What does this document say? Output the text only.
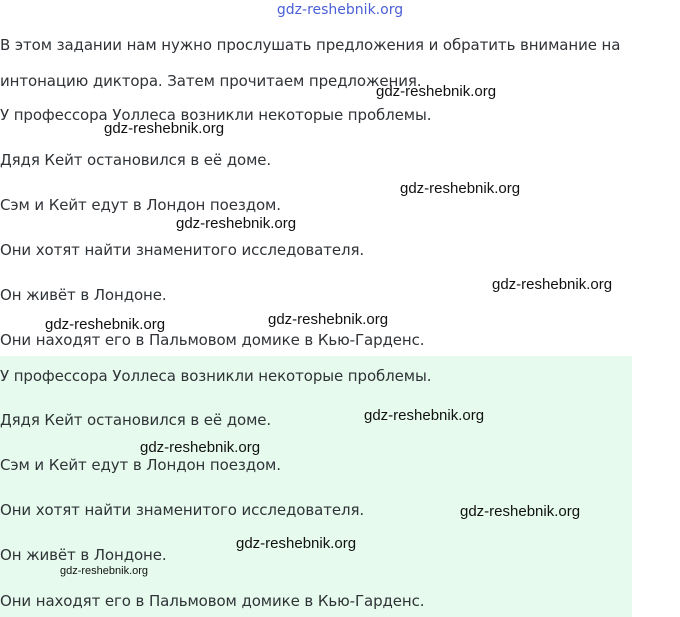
gdz-reshebnik.org
В этом задании нам нужно прослушать предложения и обратить внимание на интонацию диктора. Затем прочитаем предложения.
У профессора Уоллеса возникли некоторые проблемы.
Дядя Кейт остановился в её доме.
Сэм и Кейт едут в Лондон поездом.
Они хотят найти знаменитого исследователя.
Он живёт в Лондоне.
Они находят его в Пальмовом домике в Кью-Гарденс.
У профессора Уоллеса возникли некоторые проблемы.
Дядя Кейт остановился в её доме.
Сэм и Кейт едут в Лондон поездом.
Они хотят найти знаменитого исследователя.
Он живёт в Лондоне.
Они находят его в Пальмовом домике в Кью-Гарденс.
gdz-reshebnik.org
gdz-reshebnik.org
gdz-reshebnik.org
gdz-reshebnik.org
gdz-reshebnik.org
gdz-reshebnik.org	gdz-reshebnik.org
gdz-reshebnik.org
gdz-reshebnik.org
gdz-reshebnik.org
gdz-reshebnik.org
gdz-reshebnik.org
